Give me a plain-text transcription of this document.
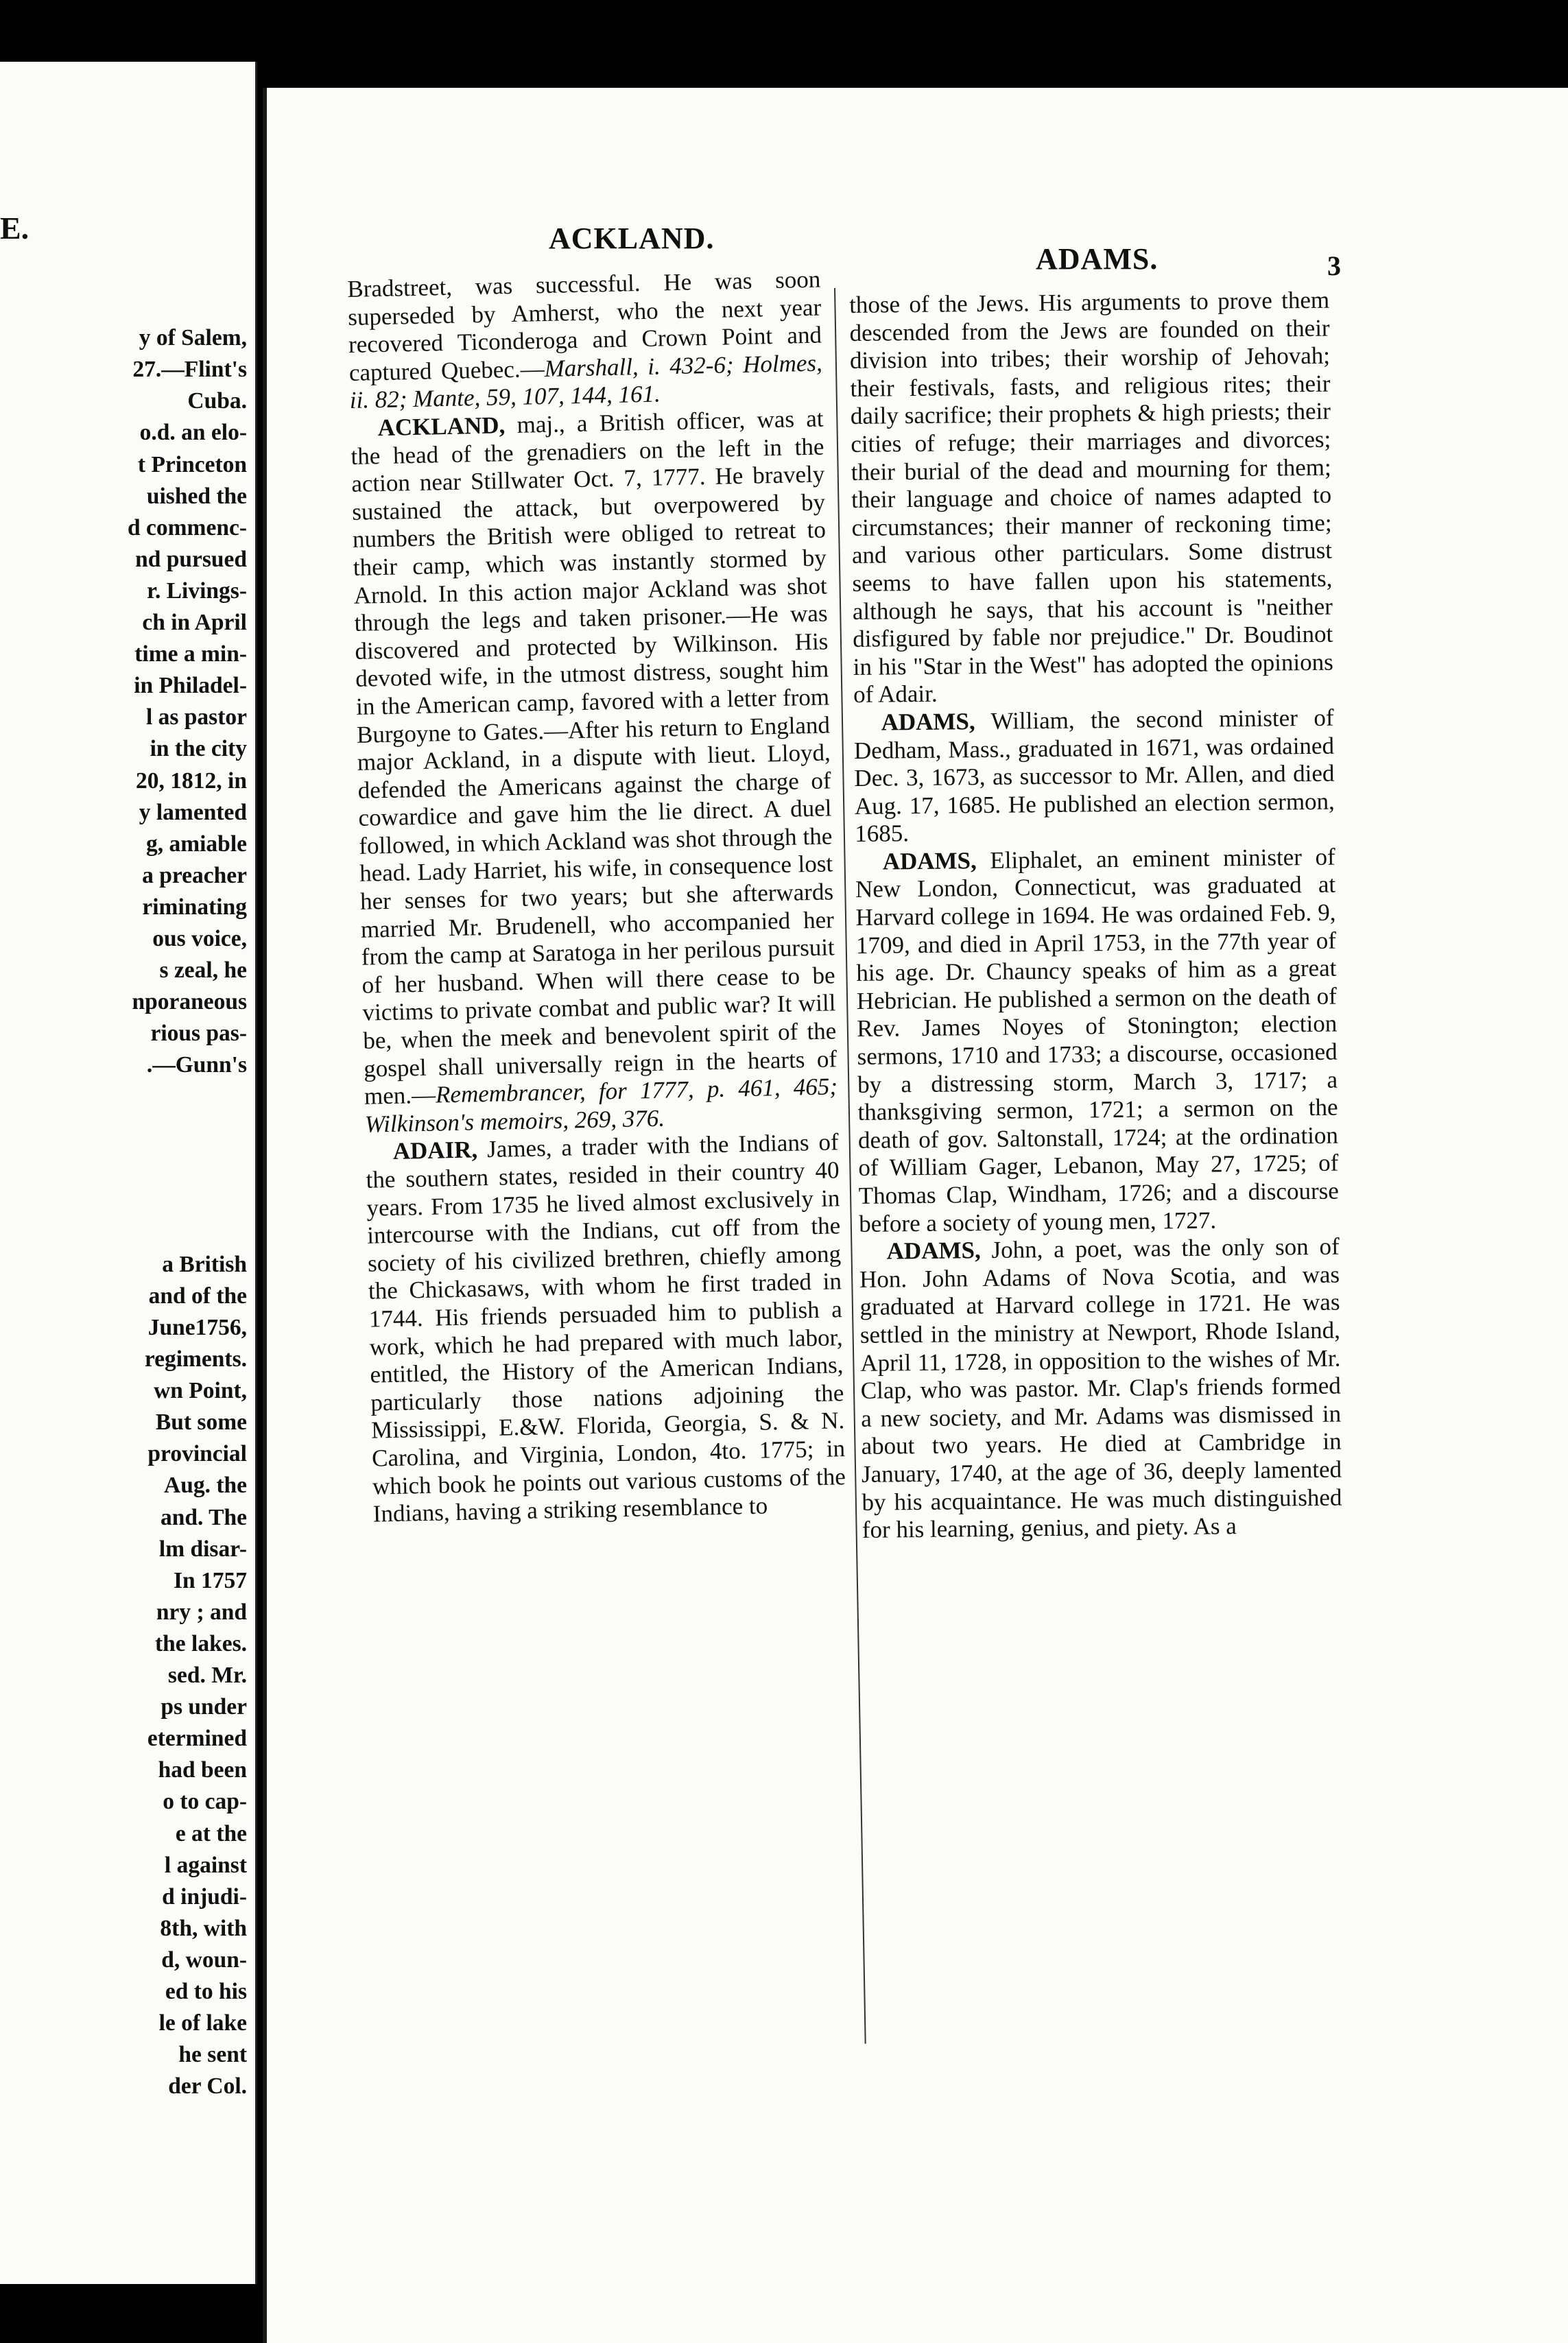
E.

y of Salem,
27.—Flint's
Cuba.
o.d. an elo-
t Princeton
uished the
d commenc-
nd pursued
r. Livings-
ch in April
time a min-
in Philadel-
l as pastor
in the city
20, 1812, in
y lamented
g, amiable
a preacher
riminating
ous voice,
s zeal, he
nporaneous
rious pas-
.—Gunn's

a British
and of the
June1756,
regiments.
wn Point,
But some
provincial
Aug. the
and. The
lm disar-
In 1757
nry ; and
the lakes.
sed. Mr.
ps under
etermined
had been
o to cap-
e at the
l against
d injudi-
8th, with
d, woun-
ed to his
le of lake
he sent
der Col.

ACKLAND.
ADAMS.	3

Bradstreet, was successful. He was soon superseded by Amherst, who the next year recovered Ticonderoga and Crown Point and captured Quebec.—Marshall, i. 432-6; Holmes, ii. 82; Mante, 59, 107, 144, 161.

ACKLAND, maj., a British officer, was at the head of the grenadiers on the left in the action near Stillwater Oct. 7, 1777. He bravely sustained the attack, but overpowered by numbers the British were obliged to retreat to their camp, which was instantly stormed by Arnold. In this action major Ackland was shot through the legs and taken prisoner.—He was discovered and protected by Wilkinson. His devoted wife, in the utmost distress, sought him in the American camp, favored with a letter from Burgoyne to Gates.—After his return to England major Ackland, in a dispute with lieut. Lloyd, defended the Americans against the charge of cowardice and gave him the lie direct. A duel followed, in which Ackland was shot through the head. Lady Harriet, his wife, in consequence lost her senses for two years; but she afterwards married Mr. Brudenell, who accompanied her from the camp at Saratoga in her perilous pursuit of her husband. When will there cease to be victims to private combat and public war? It will be, when the meek and benevolent spirit of the gospel shall universally reign in the hearts of men.—Remembrancer, for 1777, p. 461, 465; Wilkinson's memoirs, 269, 376.

ADAIR, James, a trader with the Indians of the southern states, resided in their country 40 years. From 1735 he lived almost exclusively in intercourse with the Indians, cut off from the society of his civilized brethren, chiefly among the Chickasaws, with whom he first traded in 1744. His friends persuaded him to publish a work, which he had prepared with much labor, entitled, the History of the American Indians, particularly those nations adjoining the Mississippi, E.&W. Florida, Georgia, S. & N. Carolina, and Virginia, London, 4to. 1775; in which book he points out various customs of the Indians, having a striking resemblance to

those of the Jews. His arguments to prove them descended from the Jews are founded on their division into tribes; their worship of Jehovah; their festivals, fasts, and religious rites; their daily sacrifice; their prophets & high priests; their cities of refuge; their marriages and divorces; their burial of the dead and mourning for them; their language and choice of names adapted to circumstances; their manner of reckoning time; and various other particulars. Some distrust seems to have fallen upon his statements, although he says, that his account is "neither disfigured by fable nor prejudice." Dr. Boudinot in his "Star in the West" has adopted the opinions of Adair.

ADAMS, William, the second minister of Dedham, Mass., graduated in 1671, was ordained Dec. 3, 1673, as successor to Mr. Allen, and died Aug. 17, 1685. He published an election sermon, 1685.

ADAMS, Eliphalet, an eminent minister of New London, Connecticut, was graduated at Harvard college in 1694. He was ordained Feb. 9, 1709, and died in April 1753, in the 77th year of his age. Dr. Chauncy speaks of him as a great Hebrician. He published a sermon on the death of Rev. James Noyes of Stonington; election sermons, 1710 and 1733; a discourse, occasioned by a distressing storm, March 3, 1717; a thanksgiving sermon, 1721; a sermon on the death of gov. Saltonstall, 1724; at the ordination of William Gager, Lebanon, May 27, 1725; of Thomas Clap, Windham, 1726; and a discourse before a society of young men, 1727.

ADAMS, John, a poet, was the only son of Hon. John Adams of Nova Scotia, and was graduated at Harvard college in 1721. He was settled in the ministry at Newport, Rhode Island, April 11, 1728, in opposition to the wishes of Mr. Clap, who was pastor. Mr. Clap's friends formed a new society, and Mr. Adams was dismissed in about two years. He died at Cambridge in January, 1740, at the age of 36, deeply lamented by his acquaintance. He was much distinguished for his learning, genius, and piety. As a
